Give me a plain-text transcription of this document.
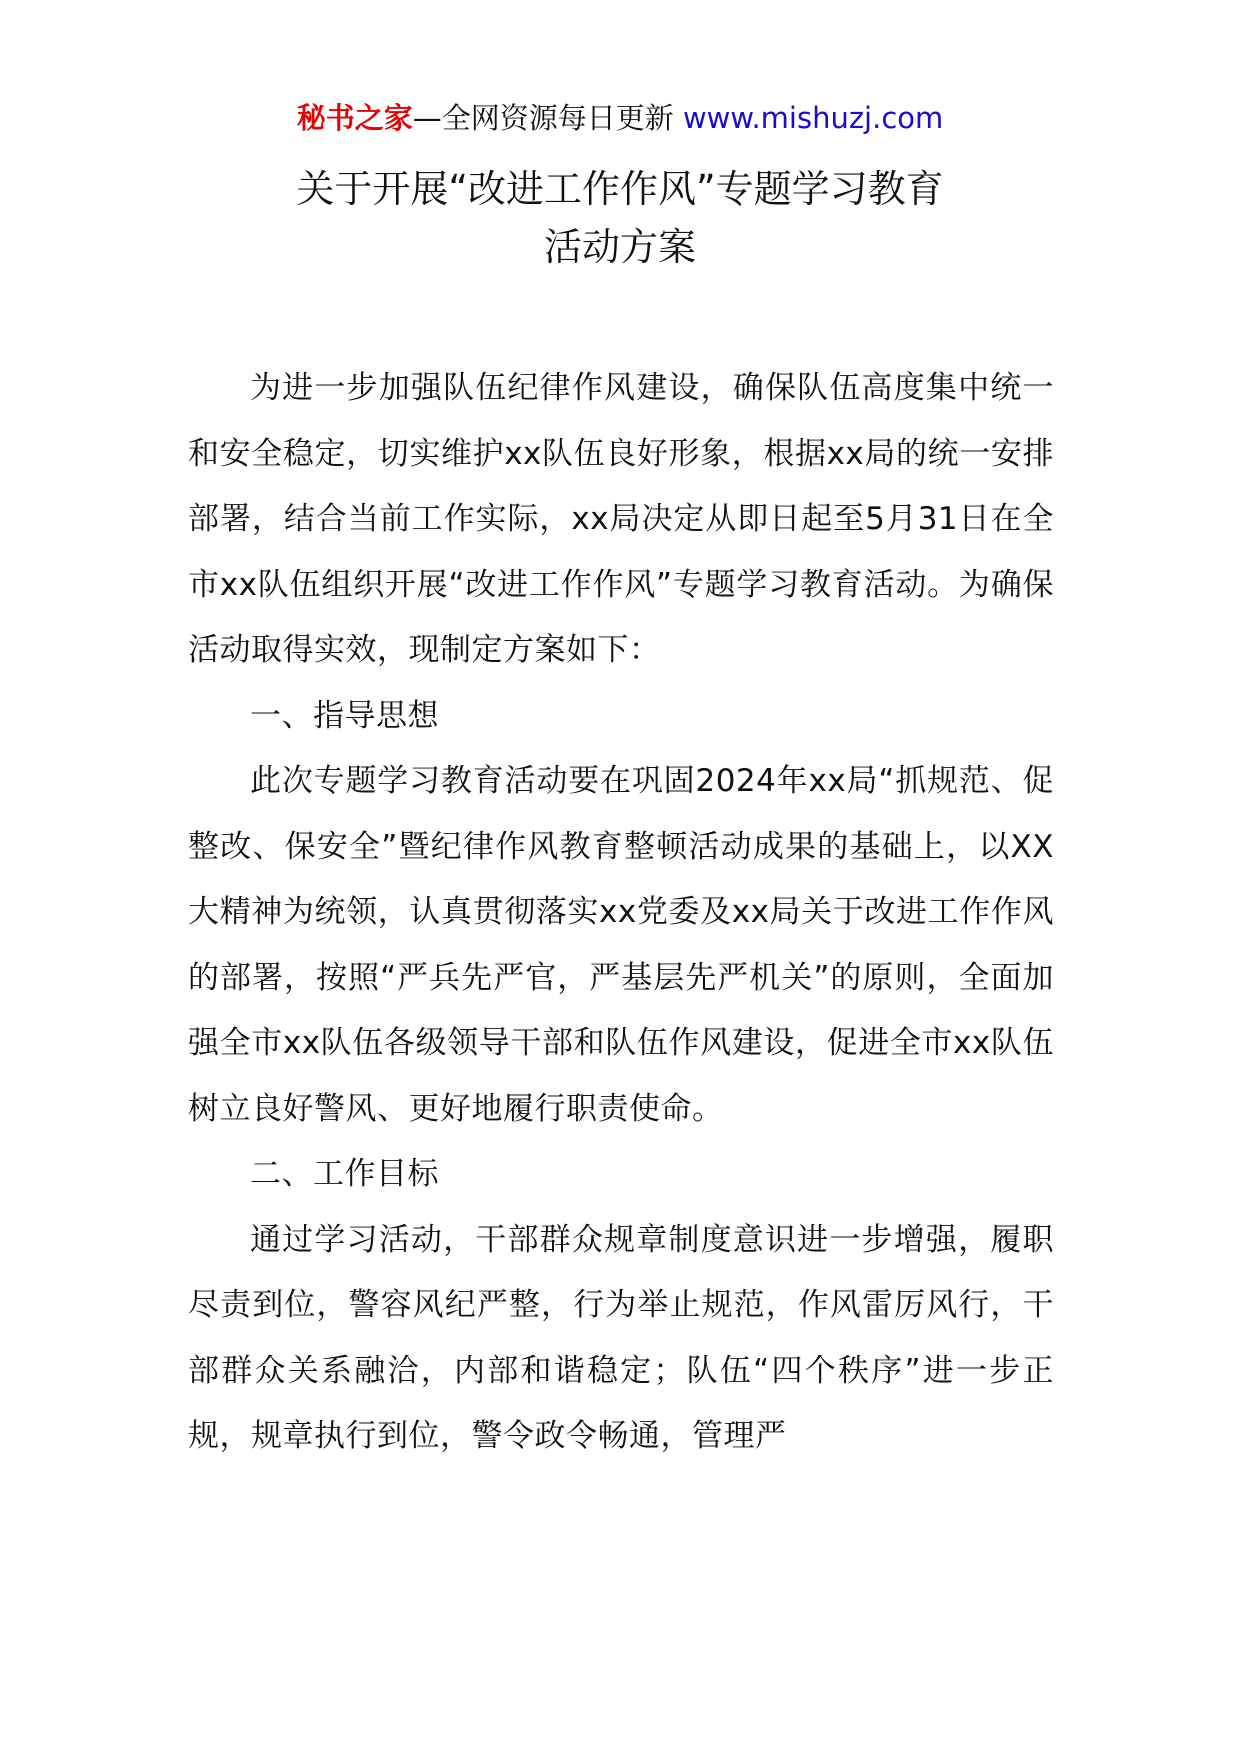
秘书之家—全网资源每日更新 www.mishuzj.com
关于开展“改进工作作风”专题学习教育
活动方案

为进一步加强队伍纪律作风建设，确保队伍高度集中统一和安全稳定，切实维护xx队伍良好形象，根据xx局的统一安排部署，结合当前工作实际，xx局决定从即日起至5月31日在全市xx队伍组织开展“改进工作作风”专题学习教育活动。为确保活动取得实效，现制定方案如下：

一、指导思想

此次专题学习教育活动要在巩固2024年xx局“抓规范、促整改、保安全”暨纪律作风教育整顿活动成果的基础上，以XX大精神为统领，认真贯彻落实xx党委及xx局关于改进工作作风的部署，按照“严兵先严官，严基层先严机关”的原则，全面加强全市xx队伍各级领导干部和队伍作风建设，促进全市xx队伍树立良好警风、更好地履行职责使命。

二、工作目标

通过学习活动，干部群众规章制度意识进一步增强，履职尽责到位，警容风纪严整，行为举止规范，作风雷厉风行，干部群众关系融洽，内部和谐稳定；队伍“四个秩序”进一步正规，规章执行到位，警令政令畅通，管理严
